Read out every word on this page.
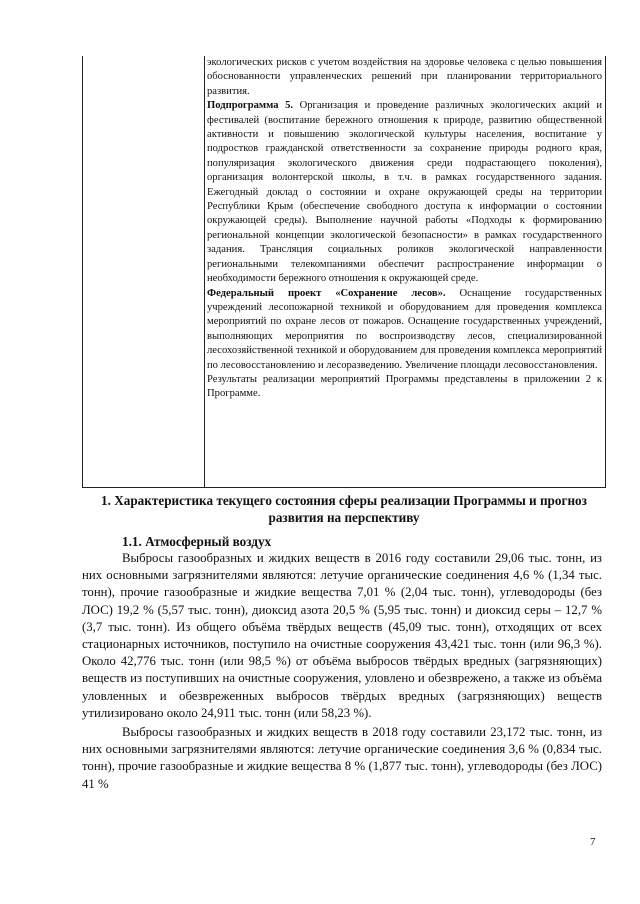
экологических рисков с учетом воздействия на здоровье человека с целью повышения обоснованности управленческих решений при планировании территориального развития.

Подпрограмма 5. Организация и проведение различных экологических акций и фестивалей (воспитание бережного отношения к природе, развитию общественной активности и повышению экологической культуры населения, воспитание у подростков гражданской ответственности за сохранение природы родного края, популяризация экологического движения среди подрастающего поколения), организация волонтерской школы, в т.ч. в рамках государственного задания. Ежегодный доклад о состоянии и охране окружающей среды на территории Республики Крым (обеспечение свободного доступа к информации о состоянии окружающей среды). Выполнение научной работы «Подходы к формированию региональной концепции экологической безопасности» в рамках государственного задания. Трансляция социальных роликов экологической направленности региональными телекомпаниями обеспечит распространение информации о необходимости бережного отношения к окружающей среде.

Федеральный проект «Сохранение лесов». Оснащение государственных учреждений лесопожарной техникой и оборудованием для проведения комплекса мероприятий по охране лесов от пожаров. Оснащение государственных учреждений, выполняющих мероприятия по воспроизводству лесов, специализированной лесохозяйственной техникой и оборудованием для проведения комплекса мероприятий по лесовосстановлению и лесоразведению. Увеличение площади лесовосстановления.

Результаты реализации мероприятий Программы представлены в приложении 2 к Программе.

1. Характеристика текущего состояния сферы реализации Программы и прогноз развития на перспективу
1.1. Атмосферный воздух

Выбросы газообразных и жидких веществ в 2016 году составили 29,06 тыс. тонн, из них основными загрязнителями являются: летучие органические соединения 4,6 % (1,34 тыс. тонн), прочие газообразные и жидкие вещества 7,01 % (2,04 тыс. тонн), углеводороды (без ЛОС) 19,2 % (5,57 тыс. тонн), диоксид азота 20,5 % (5,95 тыс. тонн) и диоксид серы – 12,7 % (3,7 тыс. тонн). Из общего объёма твёрдых веществ (45,09 тыс. тонн), отходящих от всех стационарных источников, поступило на очистные сооружения 43,421 тыс. тонн (или 96,3 %). Около 42,776 тыс. тонн (или 98,5 %) от объёма выбросов твёрдых вредных (загрязняющих) веществ из поступивших на очистные сооружения, уловлено и обезврежено, а также из объёма уловленных и обезвреженных выбросов твёрдых вредных (загрязняющих) веществ утилизировано около 24,911 тыс. тонн (или 58,23 %).

Выбросы газообразных и жидких веществ в 2018 году составили 23,172 тыс. тонн, из них основными загрязнителями являются: летучие органические соединения 3,6 % (0,834 тыс. тонн), прочие газообразные и жидкие вещества 8 % (1,877 тыс. тонн), углеводороды (без ЛОС) 41 %

7
